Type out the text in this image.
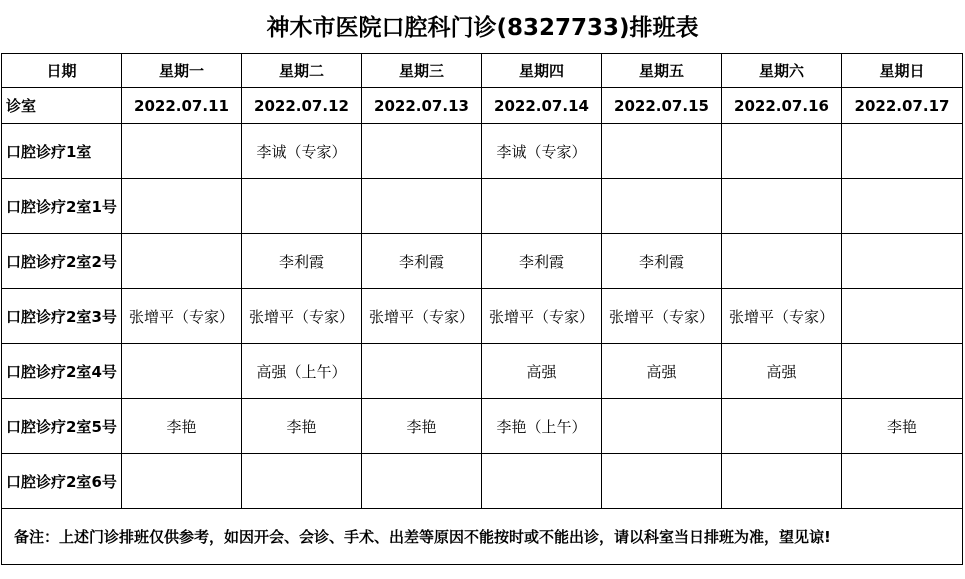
神木市医院口腔科门诊(8327733)排班表
日期	星期一	星期二	星期三	星期四	星期五	星期六	星期日
诊室	2022.07.11	2022.07.12	2022.07.13	2022.07.14	2022.07.15	2022.07.16	2022.07.17
口腔诊疗1室		李诚（专家）		李诚（专家）			
口腔诊疗2室1号							
口腔诊疗2室2号		李利霞	李利霞	李利霞	李利霞		
口腔诊疗2室3号	张增平（专家）	张增平（专家）	张增平（专家）	张增平（专家）	张增平（专家）	张增平（专家）	
口腔诊疗2室4号		高强（上午）		高强	高强	高强	
口腔诊疗2室5号	李艳	李艳	李艳	李艳（上午）			李艳
口腔诊疗2室6号							
备注：上述门诊排班仅供参考，如因开会、会诊、手术、出差等原因不能按时或不能出诊，请以科室当日排班为准，望见谅!							
